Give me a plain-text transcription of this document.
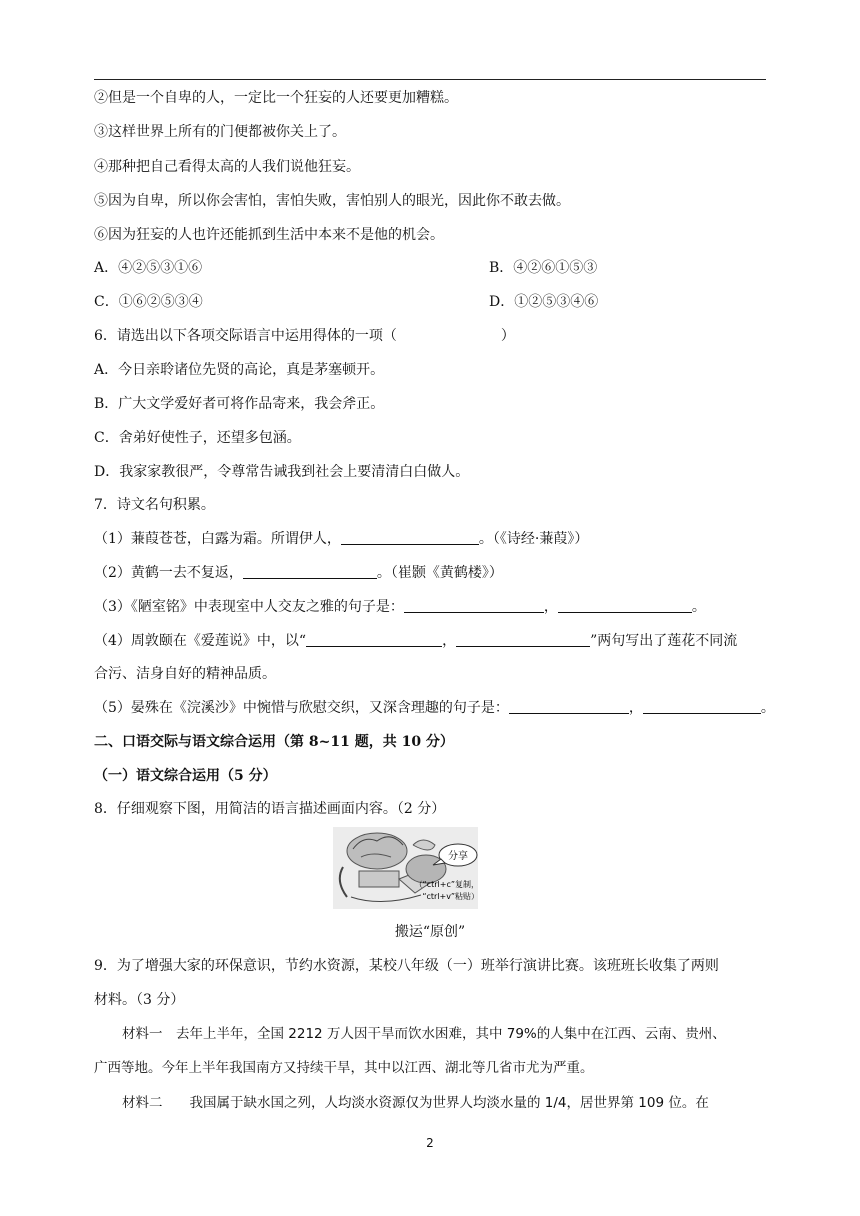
②但是一个自卑的人，一定比一个狂妄的人还要更加糟糕。
③这样世界上所有的门便都被你关上了。
④那种把自己看得太高的人我们说他狂妄。
⑤因为自卑，所以你会害怕，害怕失败，害怕别人的眼光，因此你不敢去做。
⑥因为狂妄的人也许还能抓到生活中本来不是他的机会。
A．④②⑤③①⑥	B．④②⑥①⑤③
C．①⑥②⑤③④	D．①②⑤③④⑥
6．请选出以下各项交际语言中运用得体的一项（	）
A．今日亲聆诸位先贤的高论，真是茅塞顿开。
B．广大文学爱好者可将作品寄来，我会斧正。
C．舍弟好使性子，还望多包涵。
D．我家家教很严，令尊常告诫我到社会上要清清白白做人。
7．诗文名句积累。
（1）蒹葭苍苍，白露为霜。所谓伊人，	。（《诗经·蒹葭》）
（2）黄鹤一去不复返，	。（崔颢《黄鹤楼》）
（3）《陋室铭》中表现室中人交友之雅的句子是：	，	。
（4）周敦颐在《爱莲说》中，以“	，	”两句写出了莲花不同流
合污、洁身自好的精神品质。
（5）晏殊在《浣溪沙》中惋惜与欣慰交织，又深含理趣的句子是：	，	。
二、口语交际与语文综合运用（第 8~11 题，共 10 分）
（一）语文综合运用（5 分）
8．仔细观察下图，用简洁的语言描述画面内容。（2 分）
分享
（“ctrl+c”复制，
“ctrl+v”粘贴）
搬运“原创”
9．为了增强大家的环保意识，节约水资源，某校八年级（一）班举行演讲比赛。该班班长收集了两则
材料。（3 分）
材料一　去年上半年，全国 2212 万人因干旱而饮水困难，其中 79%的人集中在江西、云南、贵州、
广西等地。今年上半年我国南方又持续干旱，其中以江西、湖北等几省市尤为严重。
材料二　　我国属于缺水国之列，人均淡水资源仅为世界人均淡水量的 1/4，居世界第 109 位。在
2
